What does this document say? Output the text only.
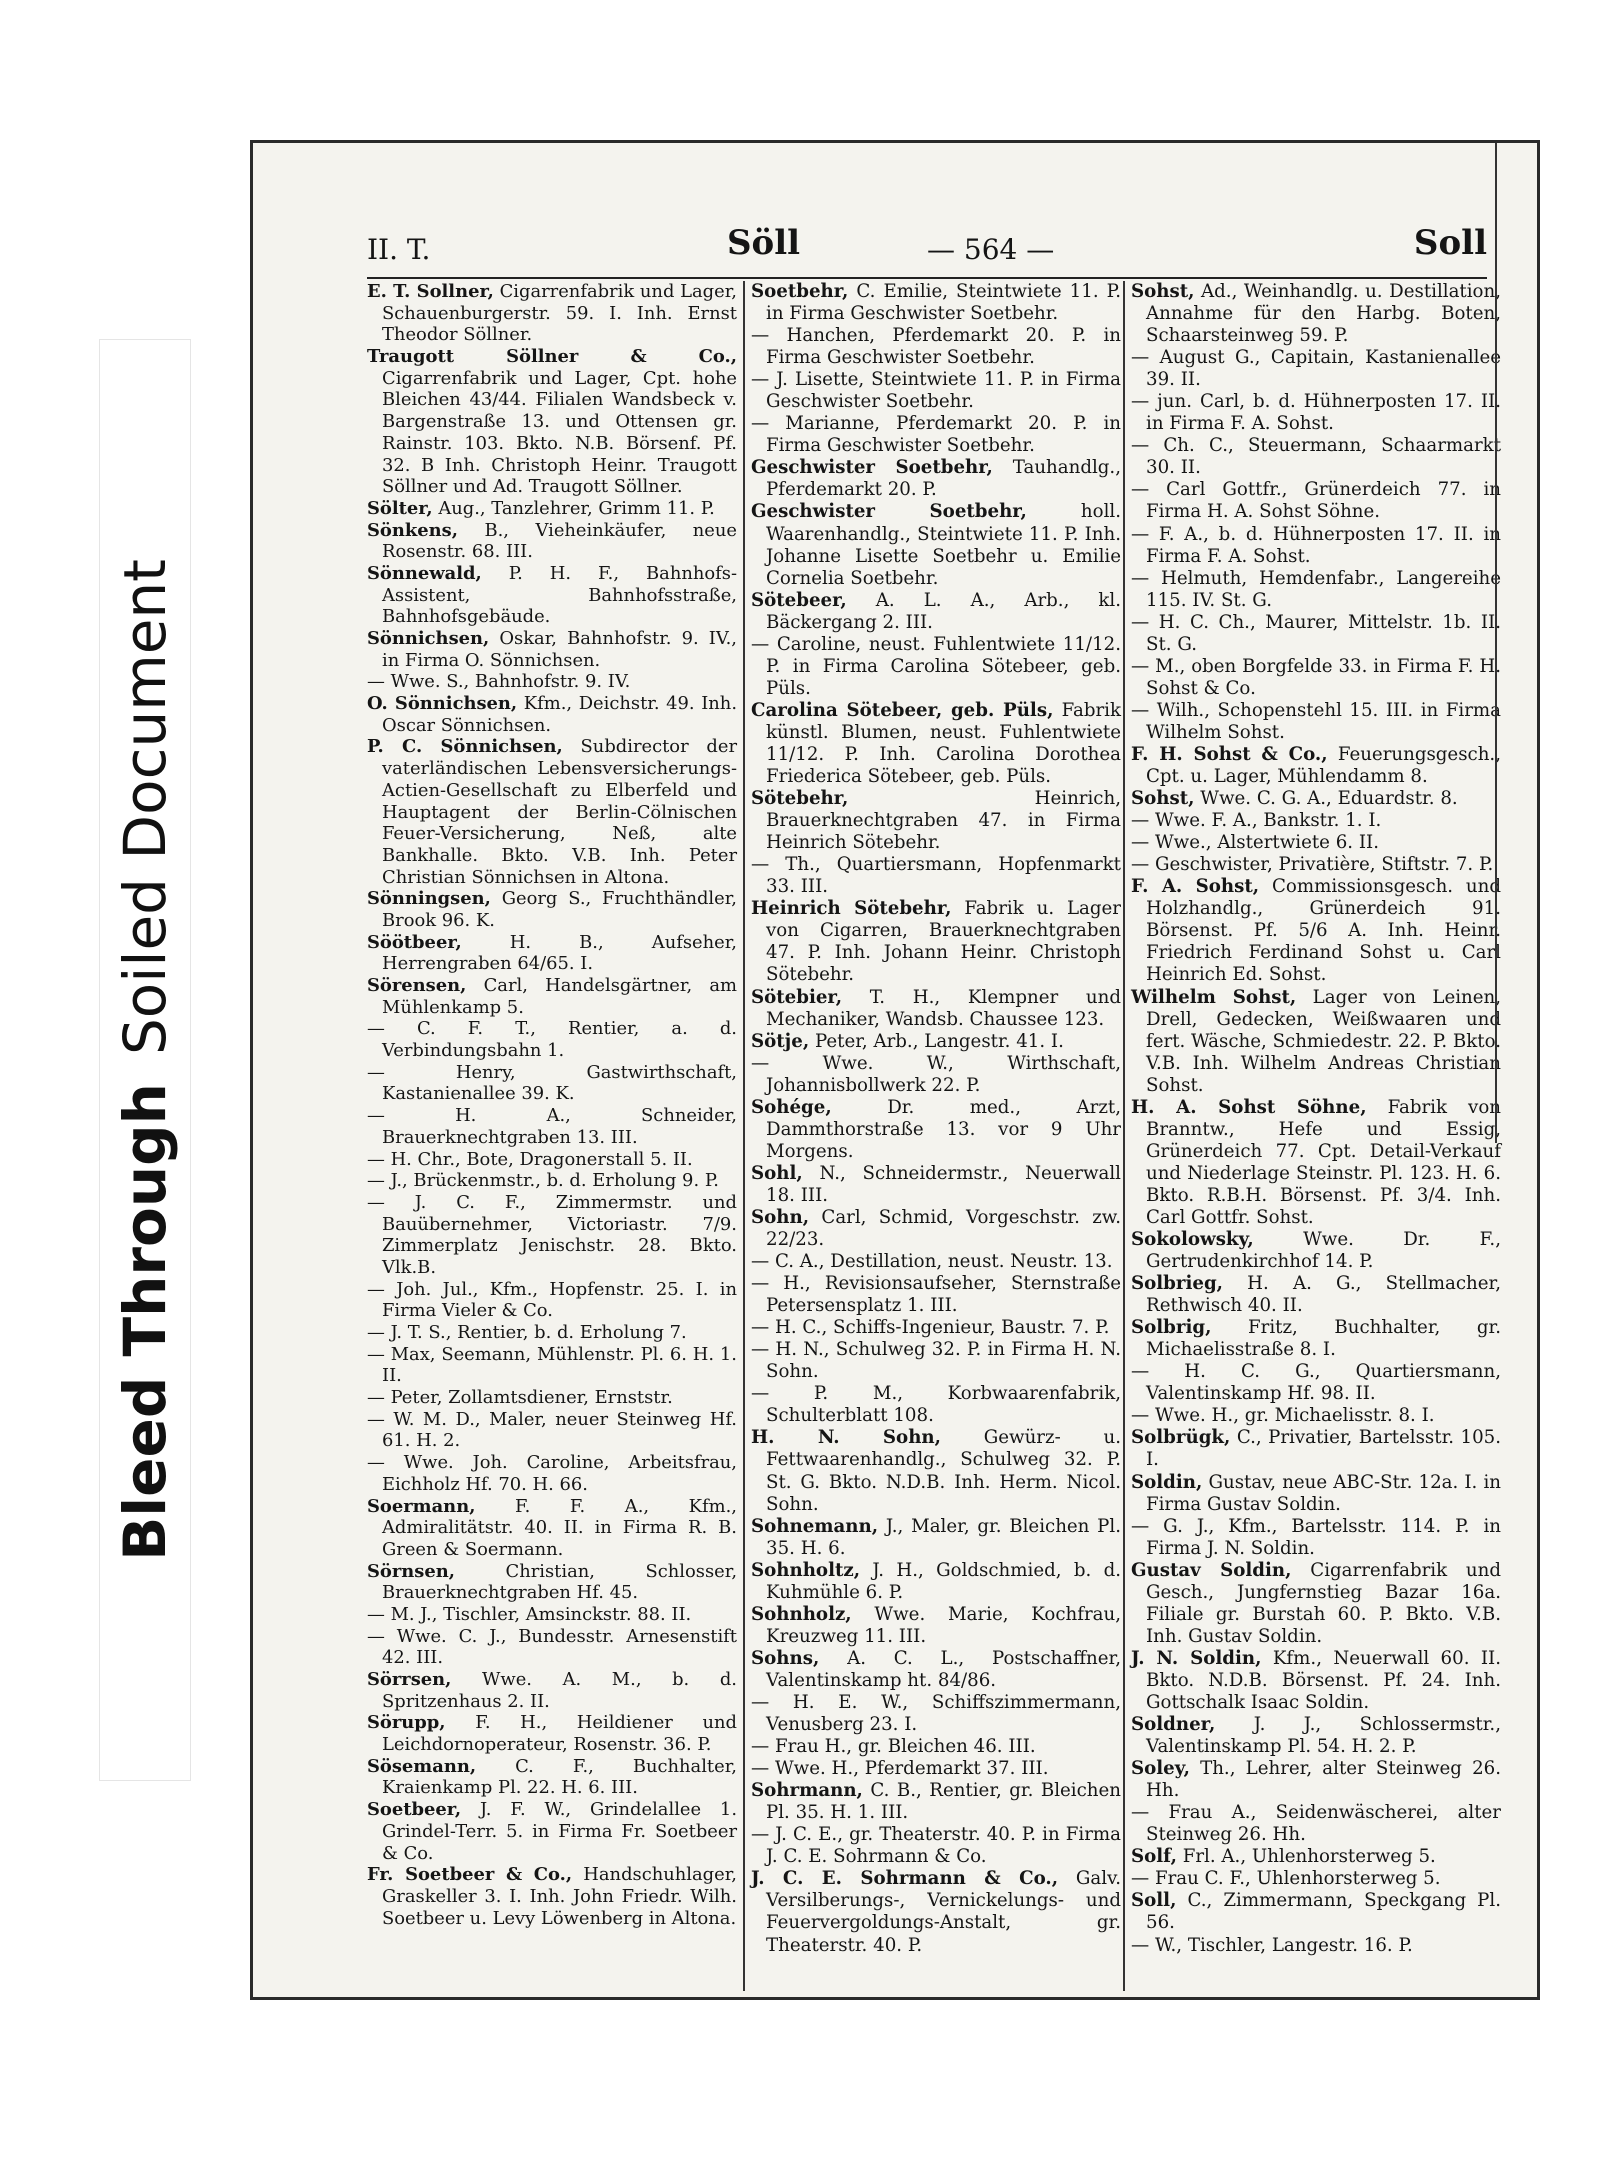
Bleed Through
Soiled Document
II. T.	Söll	— 564 —	Soll

E. T. Sollner, Cigarrenfabrik und Lager, Schauenburgerstr. 59. I. Inh. Ernst Theodor Söllner.

Traugott Söllner & Co., Cigarrenfabrik und Lager, Cpt. hohe Bleichen 43/44. Filialen Wandsbeck v. Bargenstraße 13. und Ottensen gr. Rainstr. 103. Bkto. N.B. Börsenf. Pf. 32. B Inh. Christoph Heinr. Traugott Söllner und Ad. Traugott Söllner.

Sölter, Aug., Tanzlehrer, Grimm 11. P.

Sönkens, B., Vieheinkäufer, neue Rosenstr. 68. III.

Sönnewald, P. H. F., Bahnhofs-Assistent, Bahnhofsstraße, Bahnhofsgebäude.

Sönnichsen, Oskar, Bahnhofstr. 9. IV., in Firma O. Sönnichsen.

— Wwe. S., Bahnhofstr. 9. IV.

O. Sönnichsen, Kfm., Deichstr. 49. Inh. Oscar Sönnichsen.

P. C. Sönnichsen, Subdirector der vaterländischen Lebensversicherungs-Actien-Gesellschaft zu Elberfeld und Hauptagent der Berlin-Cölnischen Feuer-Versicherung, Neß, alte Bankhalle. Bkto. V.B. Inh. Peter Christian Sönnichsen in Altona.

Sönningsen, Georg S., Fruchthändler, Brook 96. K.

Söötbeer,	H. B., Aufseher, Herrengraben 64/65. I.

Sörensen, Carl, Handelsgärtner, am Mühlenkamp 5.

— C. F. T., Rentier, a. d. Verbindungsbahn 1.

— Henry, Gastwirthschaft, Kastanienallee 39. K.

— H. A., Schneider, Brauerknechtgraben 13. III.

— H. Chr., Bote, Dragonerstall 5. II.

— J., Brückenmstr., b. d. Erholung 9. P.

— J. C. F., Zimmermstr. und Bauübernehmer, Victoriastr. 7/9. Zimmerplatz Jenischstr. 28. Bkto. Vlk.B.

— Joh. Jul., Kfm., Hopfenstr. 25. I. in Firma Vieler & Co.

— J. T. S., Rentier, b. d. Erholung 7.

— Max, Seemann, Mühlenstr. Pl. 6. H. 1. II.

— Peter, Zollamtsdiener, Ernststr.

— W. M. D., Maler, neuer Steinweg Hf. 61. H. 2.

— Wwe. Joh. Caroline, Arbeitsfrau, Eichholz Hf. 70. H. 66.

Soermann, F. F. A., Kfm., Admiralitätstr. 40. II. in Firma R. B. Green & Soermann.

Sörnsen,	Christian, Schlosser, Brauerknechtgraben Hf. 45.

— M. J., Tischler, Amsinckstr. 88. II.

— Wwe. C. J., Bundesstr. Arnesenstift 42. III.

Sörrsen, Wwe. A. M., b. d. Spritzenhaus 2. II.

Sörupp, F. H., Heildiener und Leichdornoperateur, Rosenstr. 36. P.

Sösemann, C. F., Buchhalter, Kraienkamp Pl. 22. H. 6. III.

Soetbeer, J. F. W., Grindelallee 1. Grindel-Terr. 5. in Firma Fr. Soetbeer & Co.

Fr. Soetbeer & Co., Handschuhlager, Graskeller 3. I. Inh. John Friedr. Wilh. Soetbeer u. Levy Löwenberg in Altona.

Soetbehr, C. Emilie, Steintwiete 11. P. in Firma Geschwister Soetbehr.

— Hanchen, Pferdemarkt 20. P. in Firma Geschwister Soetbehr.

— J. Lisette, Steintwiete 11. P. in Firma Geschwister Soetbehr.

— Marianne, Pferdemarkt 20. P. in Firma Geschwister Soetbehr.

Geschwister Soetbehr, Tauhandlg., Pferdemarkt 20. P.

Geschwister Soetbehr,	holl. Waarenhandlg., Steintwiete 11. P. Inh. Johanne Lisette Soetbehr u. Emilie Cornelia Soetbehr.

Sötebeer, A. L. A., Arb., kl. Bäckergang 2. III.

— Caroline, neust. Fuhlentwiete 11/12. P. in Firma Carolina Sötebeer, geb. Püls.

Carolina Sötebeer, geb. Püls, Fabrik künstl. Blumen, neust. Fuhlentwiete 11/12. P. Inh. Carolina Dorothea Friederica Sötebeer, geb. Püls.

Sötebehr,	Heinrich, Brauerknechtgraben 47. in Firma Heinrich Sötebehr.

— Th., Quartiersmann, Hopfenmarkt 33. III.

Heinrich Sötebehr, Fabrik u. Lager von Cigarren, Brauerknechtgraben 47. P. Inh. Johann Heinr. Christoph Sötebehr.

Sötebier, T. H., Klempner und Mechaniker, Wandsb. Chaussee 123.

Sötje, Peter, Arb., Langestr. 41. I.

— Wwe. W., Wirthschaft, Johannisbollwerk 22. P.

Sohége,	Dr. med., Arzt, Dammthorstraße 13. vor 9 Uhr Morgens.

Sohl, N., Schneidermstr., Neuerwall 18. III.

Sohn, Carl, Schmid, Vorgeschstr. zw. 22/23.

— C. A., Destillation, neust. Neustr. 13.

— H., Revisionsaufseher, Sternstraße Petersensplatz 1. III.

— H. C., Schiffs-Ingenieur, Baustr. 7. P.

— H. N., Schulweg 32. P. in Firma H. N. Sohn.

— P. M., Korbwaarenfabrik, Schulterblatt 108.

H. N. Sohn, Gewürz- u. Fettwaarenhandlg., Schulweg 32. P. St. G. Bkto. N.D.B. Inh. Herm. Nicol. Sohn.

Sohnemann, J., Maler, gr. Bleichen Pl. 35. H. 6.

Sohnholtz, J. H., Goldschmied, b. d. Kuhmühle 6. P.

Sohnholz, Wwe. Marie, Kochfrau, Kreuzweg 11. III.

Sohns, A. C. L., Postschaffner, Valentinskamp ht. 84/86.

— H. E. W., Schiffszimmermann, Venusberg 23. I.

— Frau H., gr. Bleichen 46. III.

— Wwe. H., Pferdemarkt 37. III.

Sohrmann, C. B., Rentier, gr. Bleichen Pl. 35. H. 1. III.

— J. C. E., gr. Theaterstr. 40. P. in Firma J. C. E. Sohrmann & Co.

J. C. E. Sohrmann & Co., Galv. Versilberungs-, Vernickelungs- und Feuervergoldungs-Anstalt, gr. Theaterstr. 40. P.

Sohst, Ad., Weinhandlg. u. Destillation, Annahme für den Harbg. Boten, Schaarsteinweg 59. P.

— August G., Capitain, Kastanienallee 39. II.

— jun. Carl, b. d. Hühnerposten 17. II. in Firma F. A. Sohst.

— Ch. C., Steuermann, Schaarmarkt 30. II.

— Carl Gottfr., Grünerdeich 77. in Firma H. A. Sohst Söhne.

— F. A., b. d. Hühnerposten 17. II. in Firma F. A. Sohst.

— Helmuth, Hemdenfabr., Langereihe 115. IV. St. G.

— H. C. Ch., Maurer, Mittelstr. 1b. II. St. G.

— M., oben Borgfelde 33. in Firma F. H. Sohst & Co.

— Wilh., Schopenstehl 15. III. in Firma Wilhelm Sohst.

F. H. Sohst & Co., Feuerungsgesch., Cpt. u. Lager, Mühlendamm 8.

Sohst, Wwe. C. G. A., Eduardstr. 8.

— Wwe. F. A., Bankstr. 1. I.

— Wwe., Alstertwiete 6. II.

— Geschwister, Privatière, Stiftstr. 7. P.

F. A. Sohst, Commissionsgesch. und Holzhandlg., Grünerdeich 91. Börsenst. Pf. 5/6 A. Inh. Heinr. Friedrich Ferdinand Sohst u. Carl Heinrich Ed. Sohst.

Wilhelm Sohst, Lager von Leinen, Drell, Gedecken, Weißwaaren und fert. Wäsche, Schmiedestr. 22. P. Bkto. V.B. Inh. Wilhelm Andreas Christian Sohst.

H. A. Sohst Söhne, Fabrik von Branntw., Hefe und Essig, Grünerdeich 77. Cpt. Detail-Verkauf und Niederlage Steinstr. Pl. 123. H. 6. Bkto. R.B.H. Börsenst. Pf. 3/4. Inh. Carl Gottfr. Sohst.

Sokolowsky,	Wwe. Dr. F., Gertrudenkirchhof 14. P.

Solbrieg, H. A. G., Stellmacher, Rethwisch 40. II.

Solbrig, Fritz, Buchhalter, gr. Michaelisstraße 8. I.

— H. C. G., Quartiersmann, Valentinskamp Hf. 98. II.

— Wwe. H., gr. Michaelisstr. 8. I.

Solbrügk, C., Privatier, Bartelsstr. 105. I.

Soldin, Gustav, neue ABC-Str. 12a. I. in Firma Gustav Soldin.

— G. J., Kfm., Bartelsstr. 114. P. in Firma J. N. Soldin.

Gustav Soldin, Cigarrenfabrik und Gesch., Jungfernstieg Bazar 16a. Filiale gr. Burstah 60. P. Bkto. V.B. Inh. Gustav Soldin.

J. N. Soldin, Kfm., Neuerwall 60. II. Bkto. N.D.B. Börsenst. Pf. 24. Inh. Gottschalk Isaac Soldin.

Soldner, J. J., Schlossermstr., Valentinskamp Pl. 54. H. 2. P.

Soley, Th., Lehrer, alter Steinweg 26. Hh.

— Frau A., Seidenwäscherei, alter Steinweg 26. Hh.

Solf, Frl. A., Uhlenhorsterweg 5.

— Frau C. F., Uhlenhorsterweg 5.

Soll, C., Zimmermann, Speckgang Pl. 56.

— W., Tischler, Langestr. 16. P.
